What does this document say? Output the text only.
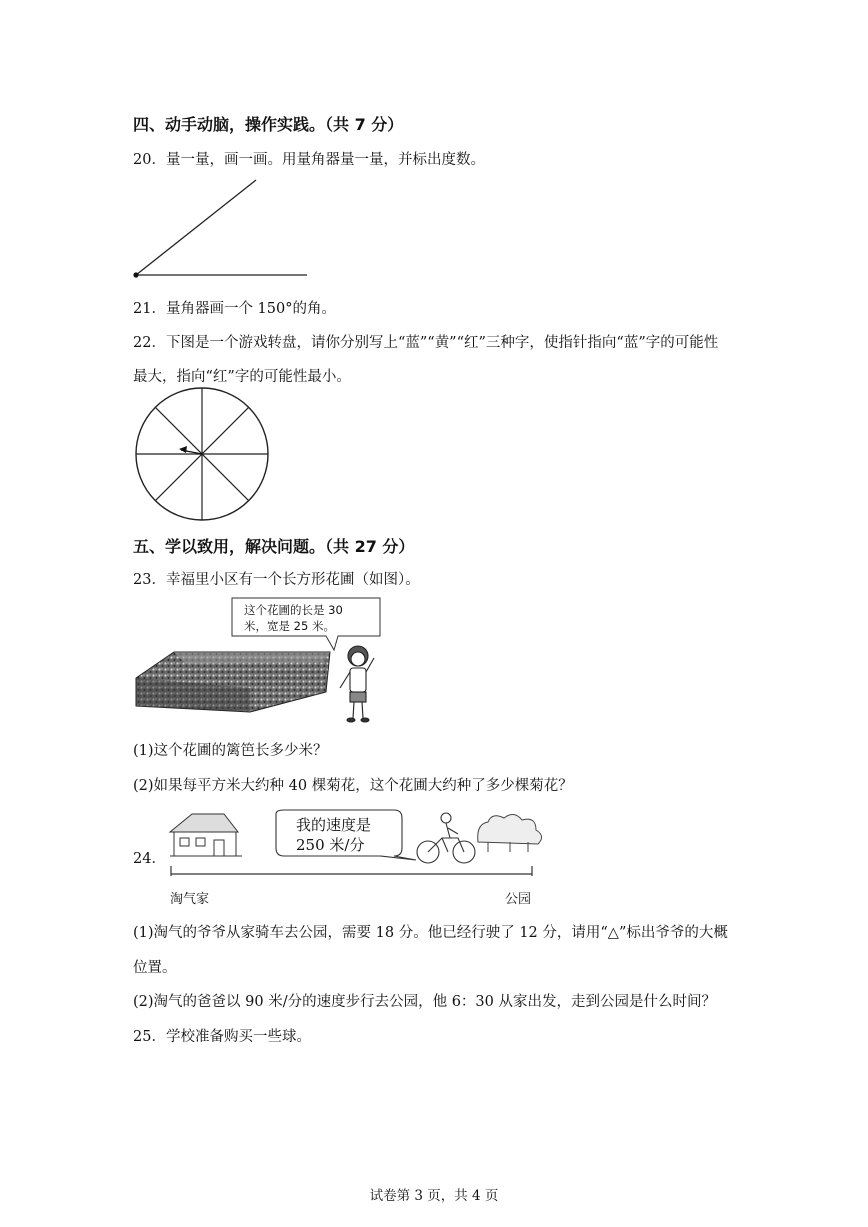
四、动手动脑，操作实践。（共 7 分）
20．量一量，画一画。用量角器量一量，并标出度数。
21．量角器画一个 150°的角。
22．下图是一个游戏转盘，请你分别写上“蓝”“黄”“红”三种字，使指针指向“蓝”字的可能性
最大，指向“红”字的可能性最小。
五、学以致用，解决问题。（共 27 分）
23．幸福里小区有一个长方形花圃（如图）。
这个花圃的长是 30
米，宽是 25 米。
(1)这个花圃的篱笆长多少米？
(2)如果每平方米大约种 40 棵菊花，这个花圃大约种了多少棵菊花？
24．
我的速度是
250 米/分
淘气家	公园
(1)淘气的爷爷从家骑车去公园，需要 18 分。他已经行驶了 12 分，请用“△”标出爷爷的大概
位置。
(2)淘气的爸爸以 90 米/分的速度步行去公园，他 6：30 从家出发，走到公园是什么时间？
25．学校准备购买一些球。
试卷第 3 页，共 4 页
